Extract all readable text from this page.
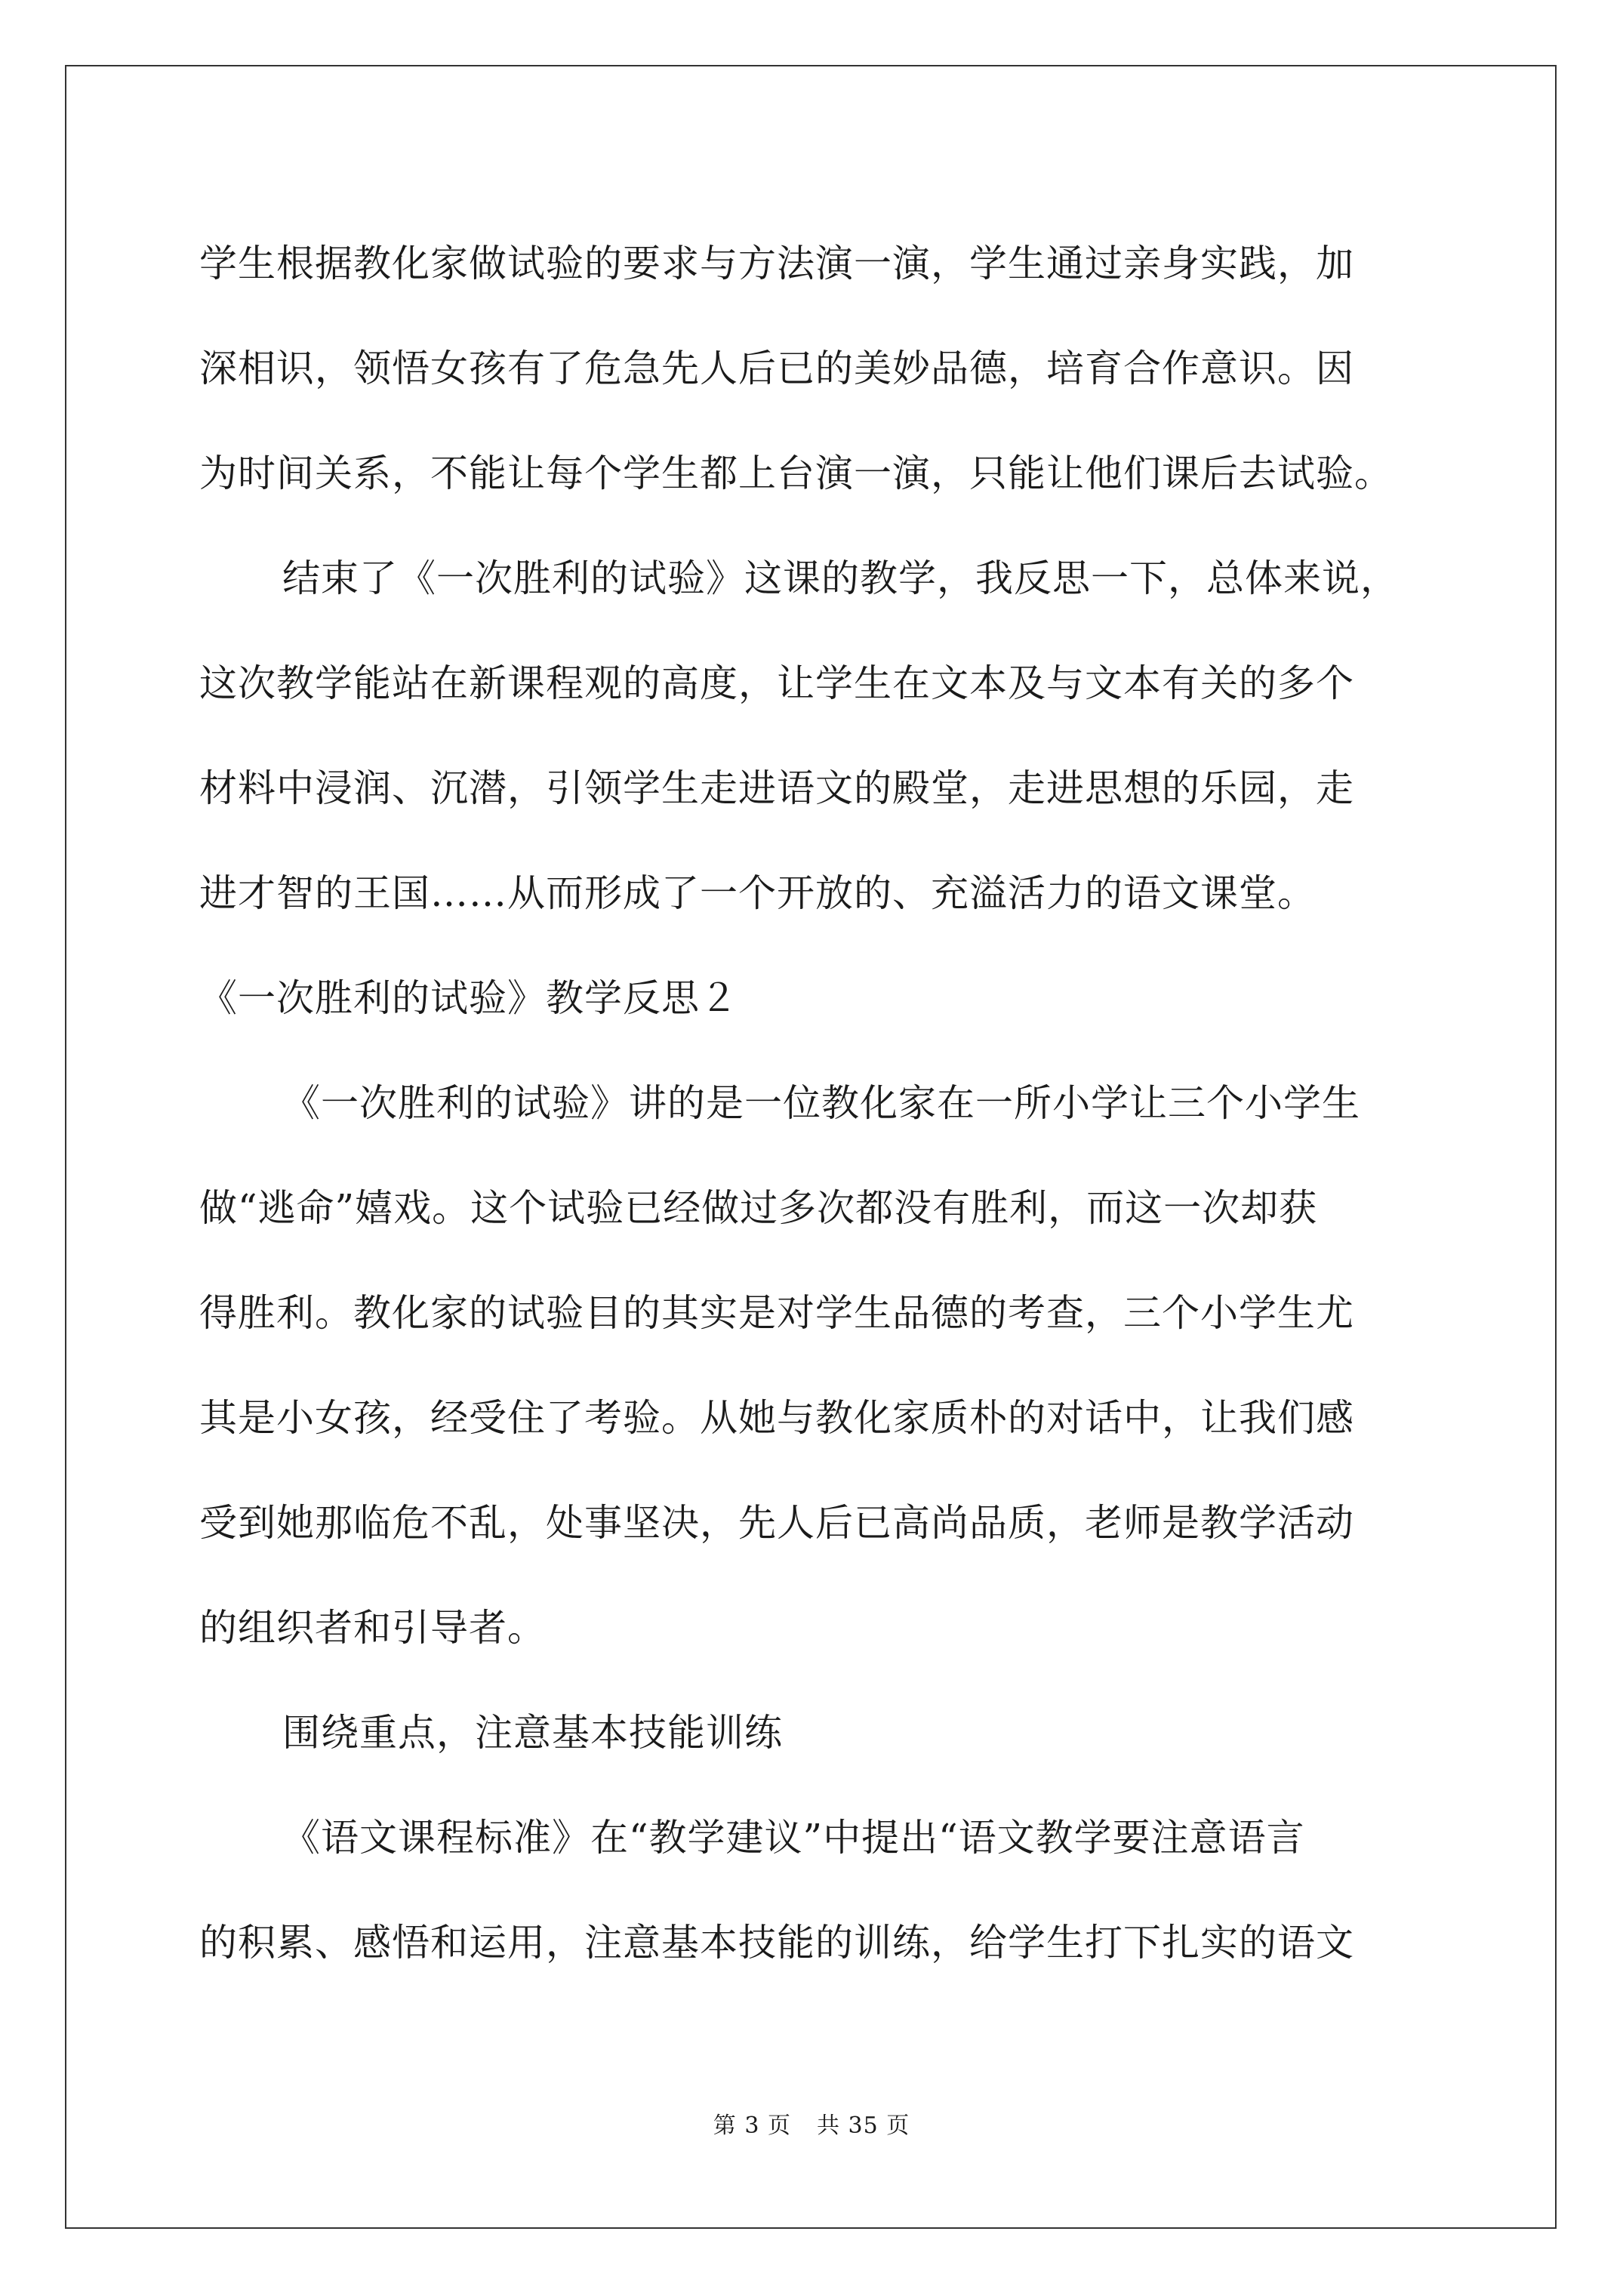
学生根据教化家做试验的要求与方法演一演，学生通过亲身实践，加
深相识，领悟女孩有了危急先人后已的美妙品德，培育合作意识。因
为时间关系，不能让每个学生都上台演一演，只能让他们课后去试验。
结束了《一次胜利的试验》这课的教学，我反思一下，总体来说，
这次教学能站在新课程观的高度，让学生在文本及与文本有关的多个
材料中浸润、沉潜，引领学生走进语文的殿堂，走进思想的乐园，走
进才智的王国……从而形成了一个开放的、充溢活力的语文课堂。
《一次胜利的试验》教学反思２
《一次胜利的试验》讲的是一位教化家在一所小学让三个小学生
做“逃命”嬉戏。这个试验已经做过多次都没有胜利，而这一次却获
得胜利。教化家的试验目的其实是对学生品德的考查，三个小学生尤
其是小女孩，经受住了考验。从她与教化家质朴的对话中，让我们感
受到她那临危不乱，处事坚决，先人后已高尚品质，老师是教学活动
的组织者和引导者。
围绕重点，注意基本技能训练
《语文课程标准》在“教学建议”中提出“语文教学要注意语言
的积累、感悟和运用，注意基本技能的训练，给学生打下扎实的语文
第 3 页 共 35 页
